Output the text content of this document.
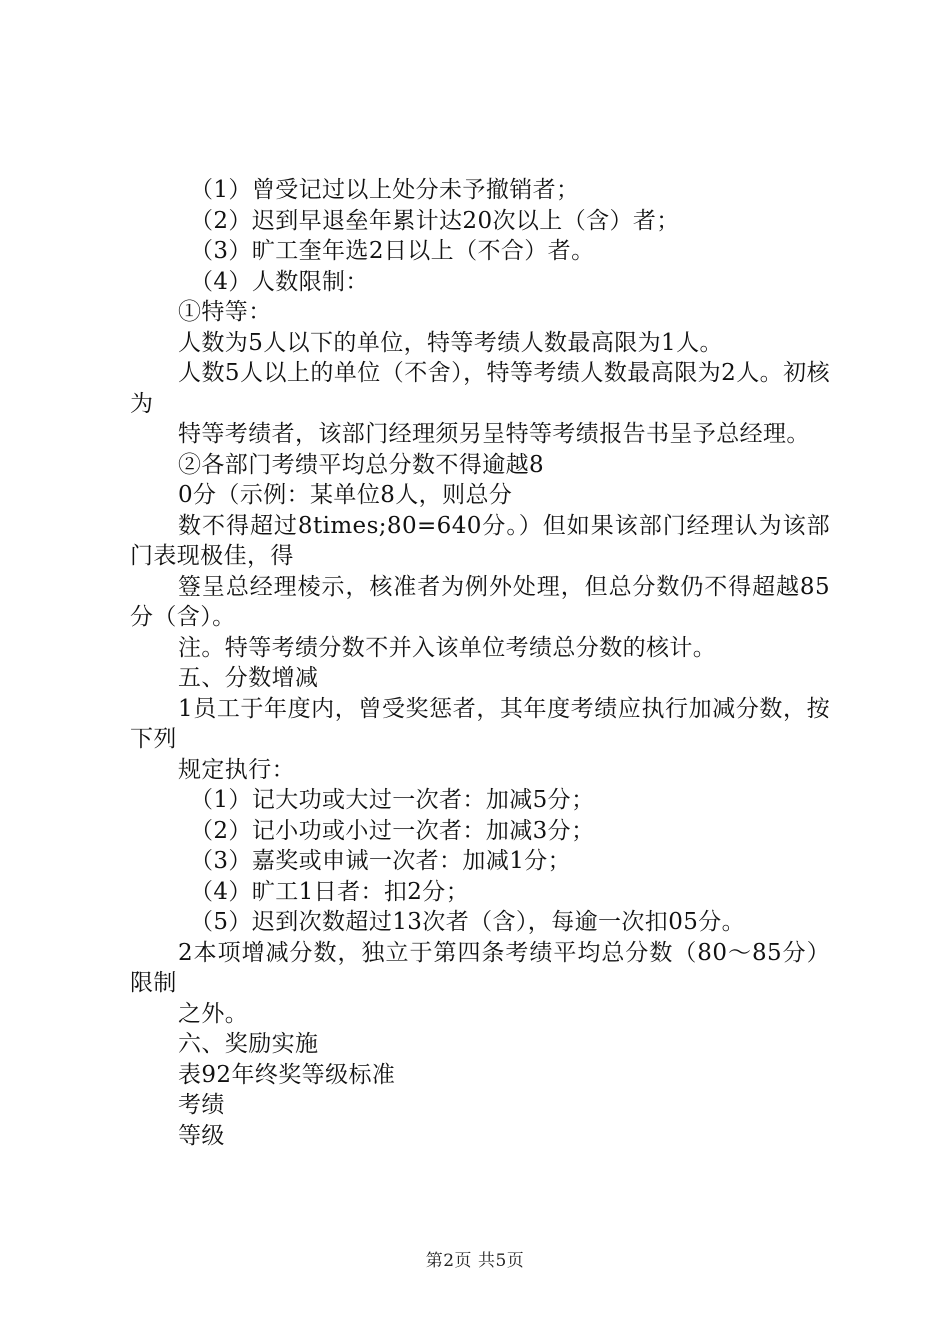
（1）曾受记过以上处分未予撤销者；
（2）迟到早退垒年累计达20次以上（含）者；
（3）旷工奎年选2日以上（不合）者。
（4）人数限制：
①特等：
人数为5人以下的单位，特等考绩人数最高限为1人。
人数5人以上的单位（不舍），特等考绩人数最高限为2人。初核为
特等考绩者，该部门经理须另呈特等考绩报告书呈予总经理。
②各部门考缋平均总分数不得逾越8
0分（示例：某单位8人，则总分
数不得超过8times;80=640分。）但如果该部门经理认为该部门表现极佳，得
簦呈总经理棱示，核准者为例外处理，但总分数仍不得超越85分（含）。
注。特等考绩分数不并入该单位考绩总分数的核计。
五、分数增减
1员工于年度内，曾受奖惩者，其年度考绩应执行加减分数，按下列
规定执行：
（1）记大功或大过一次者：加减5分；
（2）记小功或小过一次者：加减3分；
（3）嘉奖或申诫一次者：加减1分；
（4）旷工1日者：扣2分；
（5）迟到次数超过13次者（含），每逾一次扣05分。
2本项增减分数，独立于第四条考绩平均总分数（80～85分）限制
之外。
六、奖励实施
表92年终奖等级标准
考绩
等级
第2页 共5页
